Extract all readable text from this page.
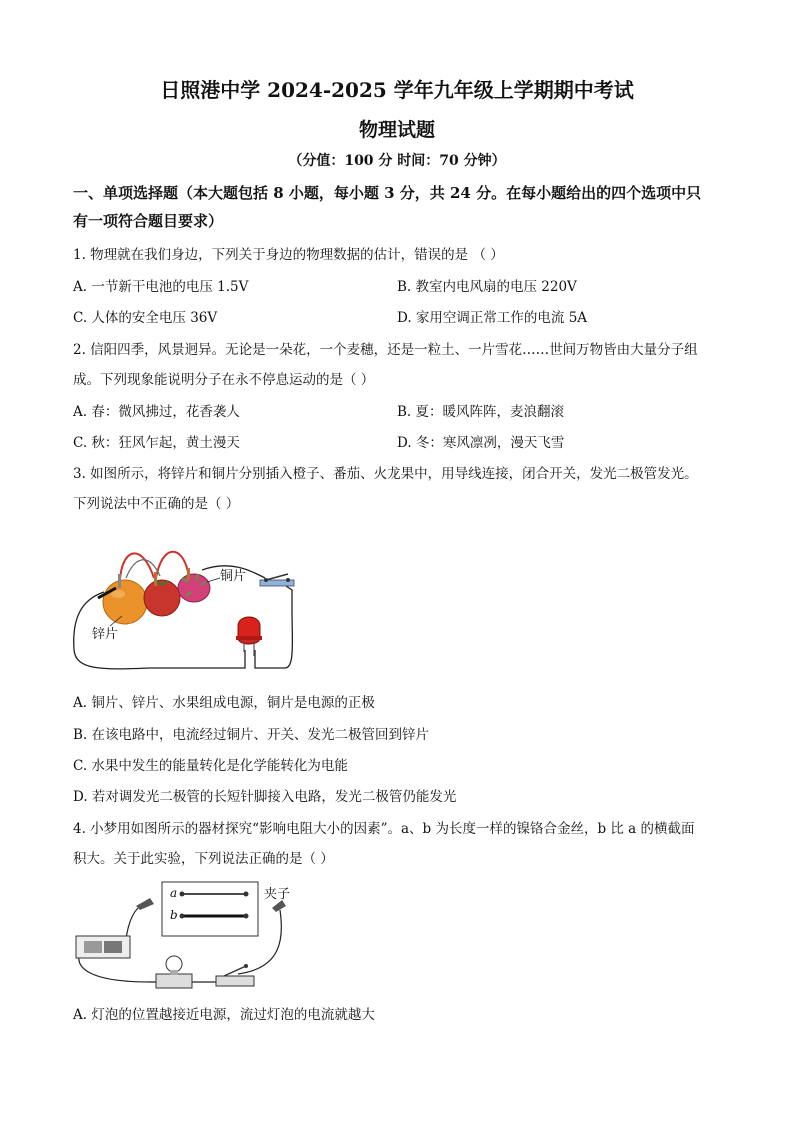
日照港中学 2024-2025 学年九年级上学期期中考试
物理试题
（分值：100 分 时间：70 分钟）
一、单项选择题（本大题包括 8 小题，每小题 3 分，共 24 分。在每小题给出的四个选项中只
有一项符合题目要求）
1. 物理就在我们身边，下列关于身边的物理数据的估计，错误的是 （ ）
A. 一节新干电池的电压 1.5V	B. 教室内电风扇的电压 220V
C. 人体的安全电压 36V	D. 家用空调正常工作的电流 5A
2. 信阳四季，风景迥异。无论是一朵花，一个麦穗，还是一粒土、一片雪花……世间万物皆由大量分子组
成。下列现象能说明分子在永不停息运动的是（ ）
A. 春：微风拂过，花香袭人	B. 夏：暖风阵阵，麦浪翻滚
C. 秋：狂风乍起，黄土漫天	D. 冬：寒风凛冽，漫天飞雪
3. 如图所示，将锌片和铜片分别插入橙子、番茄、火龙果中，用导线连接，闭合开关，发光二极管发光。
下列说法中不正确的是（ ）
铜片
锌片
A. 铜片、锌片、水果组成电源，铜片是电源的正极
B. 在该电路中，电流经过铜片、开关、发光二极管回到锌片
C. 水果中发生的能量转化是化学能转化为电能
D. 若对调发光二极管的长短针脚接入电路，发光二极管仍能发光
4. 小梦用如图所示的器材探究“影响电阻大小的因素”。a、b 为长度一样的镍铬合金丝，b 比 a 的横截面
积大。关于此实验，下列说法正确的是（ ）
a
b
夹子
A. 灯泡的位置越接近电源，流过灯泡的电流就越大
